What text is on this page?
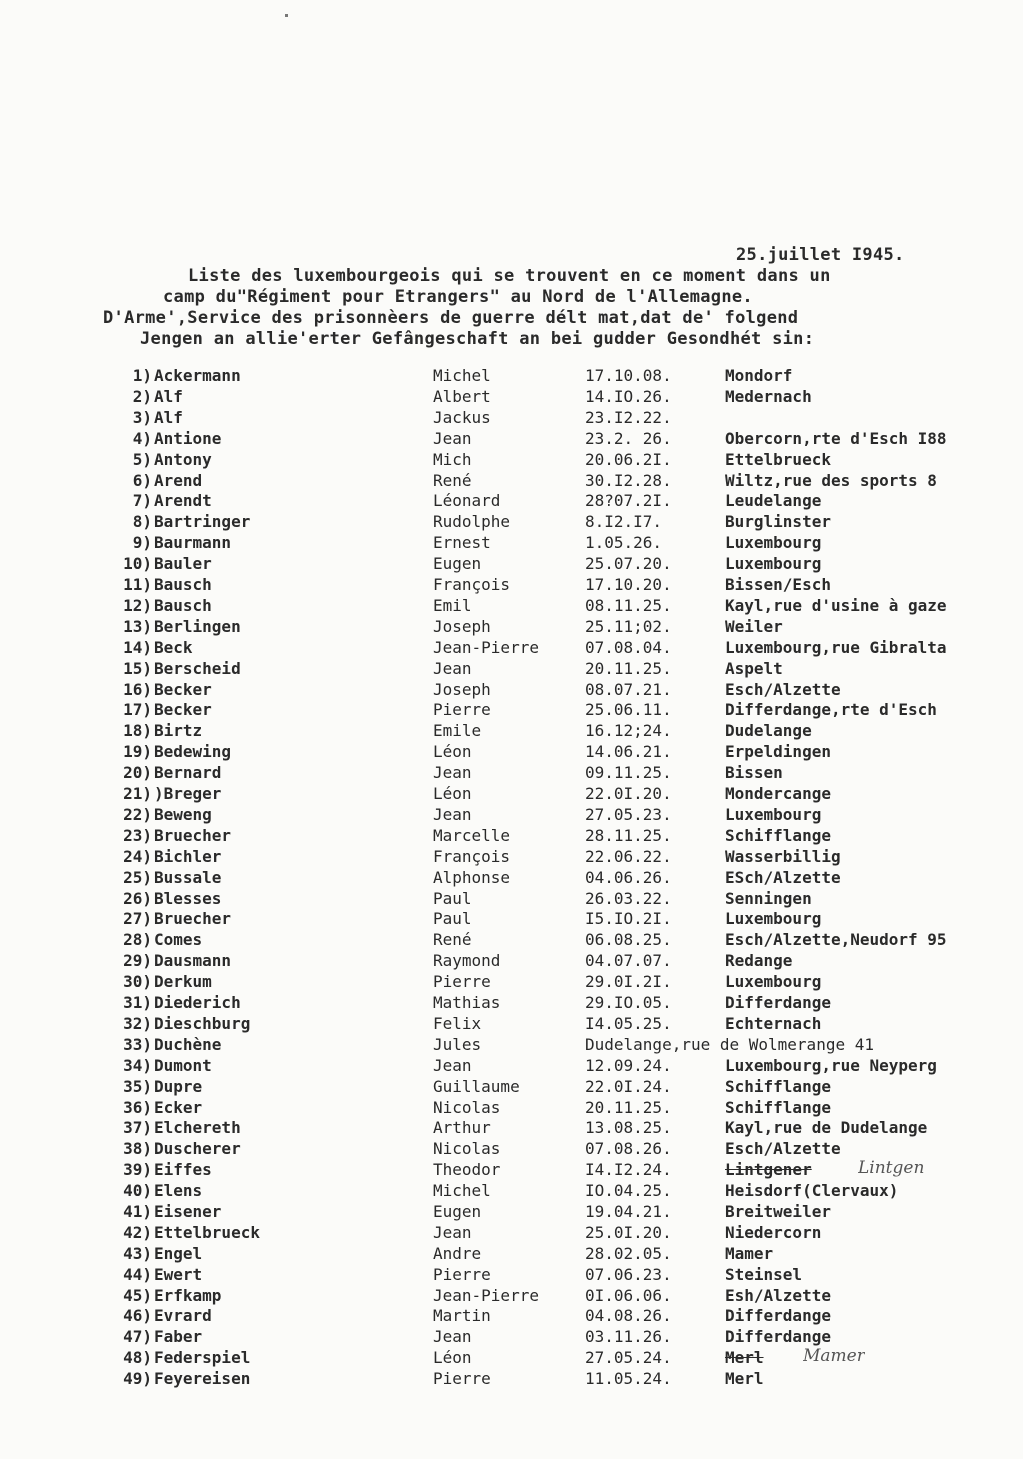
25.juillet I945.
Liste des luxembourgeois qui se trouvent en ce moment dans un
camp du"Régiment pour Etrangers" au Nord de l'Allemagne.
D'Arme',Service des prisonnèers de guerre délt mat,dat de' folgend
Jengen an allie'erter Gefângeschaft an bei gudder Gesondhét sin:
1) Ackermann	Michel	17.10.08.	Mondorf
2) Alf	Albert	14.IO.26.	Medernach
3) Alf	Jackus	23.I2.22.
4) Antione	Jean	23.2. 26.	Obercorn,rte d'Esch I88
5) Antony	Mich	20.06.2I.	Ettelbrueck
6) Arend	René	30.I2.28.	Wiltz,rue des sports 8
7) Arendt	Léonard	28?07.2I.	Leudelange
8) Bartringer	Rudolphe	8.I2.I7.	Burglinster
9) Baurmann	Ernest	1.05.26.	Luxembourg
10) Bauler	Eugen	25.07.20.	Luxembourg
11) Bausch	François	17.10.20.	Bissen/Esch
12) Bausch	Emil	08.11.25.	Kayl,rue d'usine à gaze
13) Berlingen	Joseph	25.11;02.	Weiler
14) Beck	Jean-Pierre	07.08.04.	Luxembourg,rue Gibralta
15) Berscheid	Jean	20.11.25.	Aspelt
16) Becker	Joseph	08.07.21.	Esch/Alzette
17) Becker	Pierre	25.06.11.	Differdange,rte d'Esch
18) Birtz	Emile	16.12;24.	Dudelange
19) Bedewing	Léon	14.06.21.	Erpeldingen
20) Bernard	Jean	09.11.25.	Bissen
21) )Breger	Léon	22.0I.20.	Mondercange
22) Beweng	Jean	27.05.23.	Luxembourg
23) Bruecher	Marcelle	28.11.25.	Schifflange
24) Bichler	François	22.06.22.	Wasserbillig
25) Bussale	Alphonse	04.06.26.	ESch/Alzette
26) Blesses	Paul	26.03.22.	Senningen
27) Bruecher	Paul	I5.IO.2I.	Luxembourg
28) Comes	René	06.08.25.	Esch/Alzette,Neudorf 95
29) Dausmann	Raymond	04.07.07.	Redange
30) Derkum	Pierre	29.0I.2I.	Luxembourg
31) Diederich	Mathias	29.IO.05.	Differdange
32) Dieschburg	Felix	I4.05.25.	Echternach
33) Duchène	Jules	Dudelange,rue de Wolmerange 41
34) Dumont	Jean	12.09.24.	Luxembourg,rue Neyperg
35) Dupre	Guillaume	22.0I.24.	Schifflange
36) Ecker	Nicolas	20.11.25.	Schifflange
37) Elchereth	Arthur	13.08.25.	Kayl,rue de Dudelange
38) Duscherer	Nicolas	07.08.26.	Esch/Alzette
39) Eiffes	Theodor	I4.I2.24.	Lintgener	Lintgen
40) Elens	Michel	IO.04.25.	Heisdorf(Clervaux)
41) Eisener	Eugen	19.04.21.	Breitweiler
42) Ettelbrueck	Jean	25.0I.20.	Niedercorn
43) Engel	Andre	28.02.05.	Mamer
44) Ewert	Pierre	07.06.23.	Steinsel
45) Erfkamp	Jean-Pierre	0I.06.06.	Esh/Alzette
46) Evrard	Martin	04.08.26.	Differdange
47) Faber	Jean	03.11.26.	Differdange
48) Federspiel	Léon	27.05.24.	Merl	Mamer
49) Feyereisen	Pierre	11.05.24.	Merl
